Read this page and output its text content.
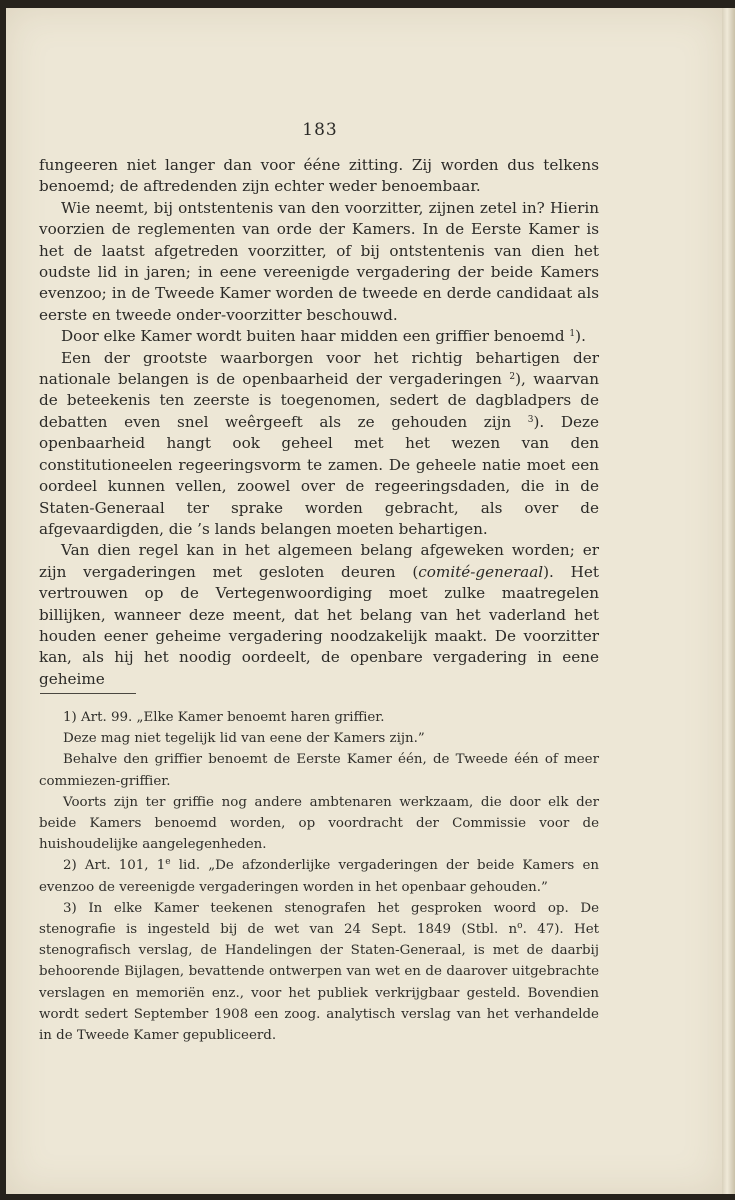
183

fungeeren niet langer dan voor ééne zitting. Zij worden dus telkens benoemd; de aftredenden zijn echter weder benoembaar.

Wie neemt, bij ontstentenis van den voorzitter, zijnen zetel in? Hierin voorzien de reglementen van orde der Kamers. In de Eerste Kamer is het de laatst afgetreden voorzitter, of bij ontstentenis van dien het oudste lid in jaren; in eene vereenigde vergadering der beide Kamers evenzoo; in de Tweede Kamer worden de tweede en derde candidaat als eerste en tweede onder-voorzitter beschouwd.

Door elke Kamer wordt buiten haar midden een griffier benoemd $^1$).

Een der grootste waarborgen voor het richtig behartigen der nationale belangen is de openbaarheid der vergaderingen $^2$), waarvan de beteekenis ten zeerste is toegenomen, sedert de dagbladpers de debatten even snel weêrgeeft als ze gehouden zijn $^3$). Deze openbaarheid hangt ook geheel met het wezen van den constitutioneelen regeeringsvorm te zamen. De geheele natie moet een oordeel kunnen vellen, zoowel over de regeeringsdaden, die in de Staten-Generaal ter sprake worden gebracht, als over de afgevaardigden, die ’s lands belangen moeten behartigen.

Van dien regel kan in het algemeen belang afgeweken worden; er zijn vergaderingen met gesloten deuren (comité-generaal). Het vertrouwen op de Vertegenwoordiging moet zulke maatregelen billijken, wanneer deze meent, dat het belang van het vaderland het houden eener geheime vergadering noodzakelijk maakt. De voorzitter kan, als hij het noodig oordeelt, de openbare vergadering in eene geheime

1) Art. 99. „Elke Kamer benoemt haren griffier.

Deze mag niet tegelijk lid van eene der Kamers zijn.”

Behalve den griffier benoemt de Eerste Kamer één, de Tweede één of meer commiezen-griffier.

Voorts zijn ter griffie nog andere ambtenaren werkzaam, die door elk der beide Kamers benoemd worden, op voordracht der Commissie voor de huishoudelijke aangelegenheden.

2) Art. 101, 1e lid. „De afzonderlijke vergaderingen der beide Kamers en evenzoo de vereenigde vergaderingen worden in het openbaar gehouden.”

3) In elke Kamer teekenen stenografen het gesproken woord op. De stenografie is ingesteld bij de wet van 24 Sept. 1849 (Stbl. $n^o$. 47). Het stenografisch verslag, de Handelingen der Staten-Generaal, is met de daarbij behoorende Bijlagen, bevattende ontwerpen van wet en de daarover uitgebrachte verslagen en memoriën enz., voor het publiek verkrijgbaar gesteld. Bovendien wordt sedert September 1908 een zoog. analytisch verslag van het verhandelde in de Tweede Kamer gepubliceerd.
